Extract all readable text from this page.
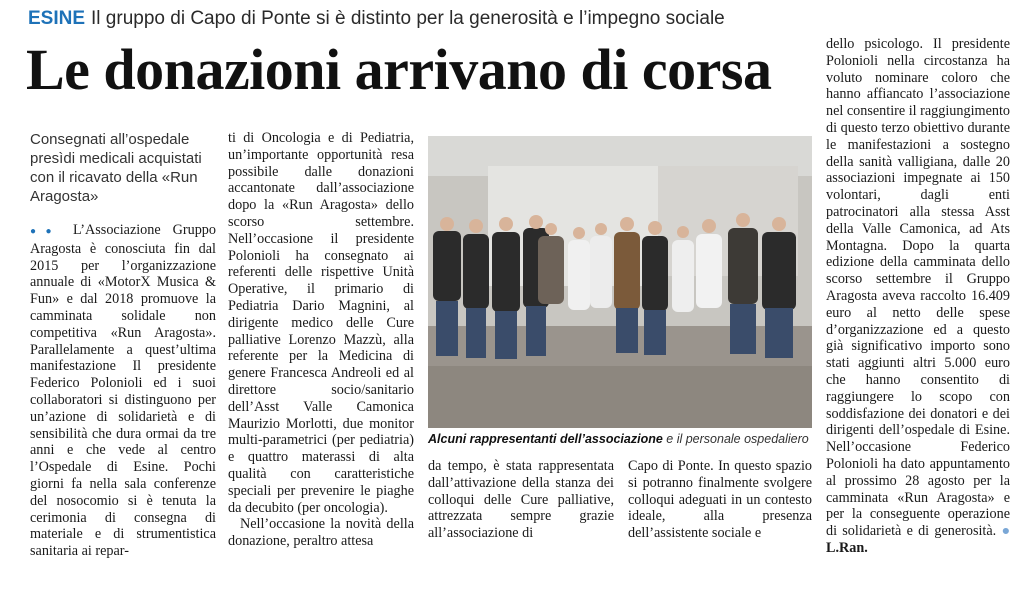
ESINE Il gruppo di Capo di Ponte si è distinto per la generosità e l’impegno sociale
Le donazioni arrivano di corsa
Consegnati all’ospedale presìdi medicali acquistati con il ricavato della «Run Aragosta»

●● L’Associazione Gruppo Aragosta è conosciuta fin dal 2015 per l’organizzazione annuale di «MotorX Musica & Fun» e dal 2018 promuove la camminata solidale non competitiva «Run Aragosta». Parallelamente a quest’ultima manifestazione Il presidente Federico Polonioli ed i suoi collaboratori si distinguono per un’azione di solidarietà e di sensibilità che dura ormai da tre anni e che vede al centro l’Ospedale di Esine. Pochi giorni fa nella sala conferenze del nosocomio si è tenuta la cerimonia di consegna di materiale e di strumentistica sanitaria ai repar-

ti di Oncologia e di Pediatria, un’importante opportunità resa possibile dalle donazioni accantonate dall’associazione dopo la «Run Aragosta» dello scorso settembre. Nell’occasione il presidente Polonioli ha consegnato ai referenti delle rispettive Unità Operative, il primario di Pediatria Dario Magnini, al dirigente medico delle Cure palliative Lorenzo Mazzù, alla referente per la Medicina di genere Francesca Andreoli ed al direttore socio/sanitario dell’Asst Valle Camonica Maurizio Morlotti, due monitor multi-parametrici (per pediatria) e quattro materassi di alta qualità con caratteristiche speciali per prevenire le piaghe da decubito (per oncologia).

Nell’occasione la novità della donazione, peraltro attesa

Alcuni rappresentanti dell’associazione e il personale ospedaliero

da tempo, è stata rappresentata dall’attivazione della stanza dei colloqui delle Cure palliative, attrezzata sempre grazie all’associazione di

Capo di Ponte. In questo spazio si potranno finalmente svolgere colloqui adeguati in un contesto ideale, alla presenza dell’assistente sociale e

dello psicologo. Il presidente Polonioli nella circostanza ha voluto nominare coloro che hanno affiancato l’associazione nel consentire il raggiungimento di questo terzo obiettivo durante le manifestazioni a sostegno della sanità valligiana, dalle 20 associazioni impegnate ai 150 volontari, dagli enti patrocinatori alla stessa Asst della Valle Camonica, ad Ats Montagna. Dopo la quarta edizione della camminata dello scorso settembre il Gruppo Aragosta aveva raccolto 16.409 euro al netto delle spese d’organizzazione ed a questo già significativo importo sono stati aggiunti altri 5.000 euro che hanno consentito di raggiungere lo scopo con soddisfazione dei donatori e dei dirigenti dell’ospedale di Esine. Nell’occasione Federico Polonioli ha dato appuntamento al prossimo 28 agosto per la camminata «Run Aragosta» e per la conseguente operazione di solidarietà e di generosità. ● L.Ran.
